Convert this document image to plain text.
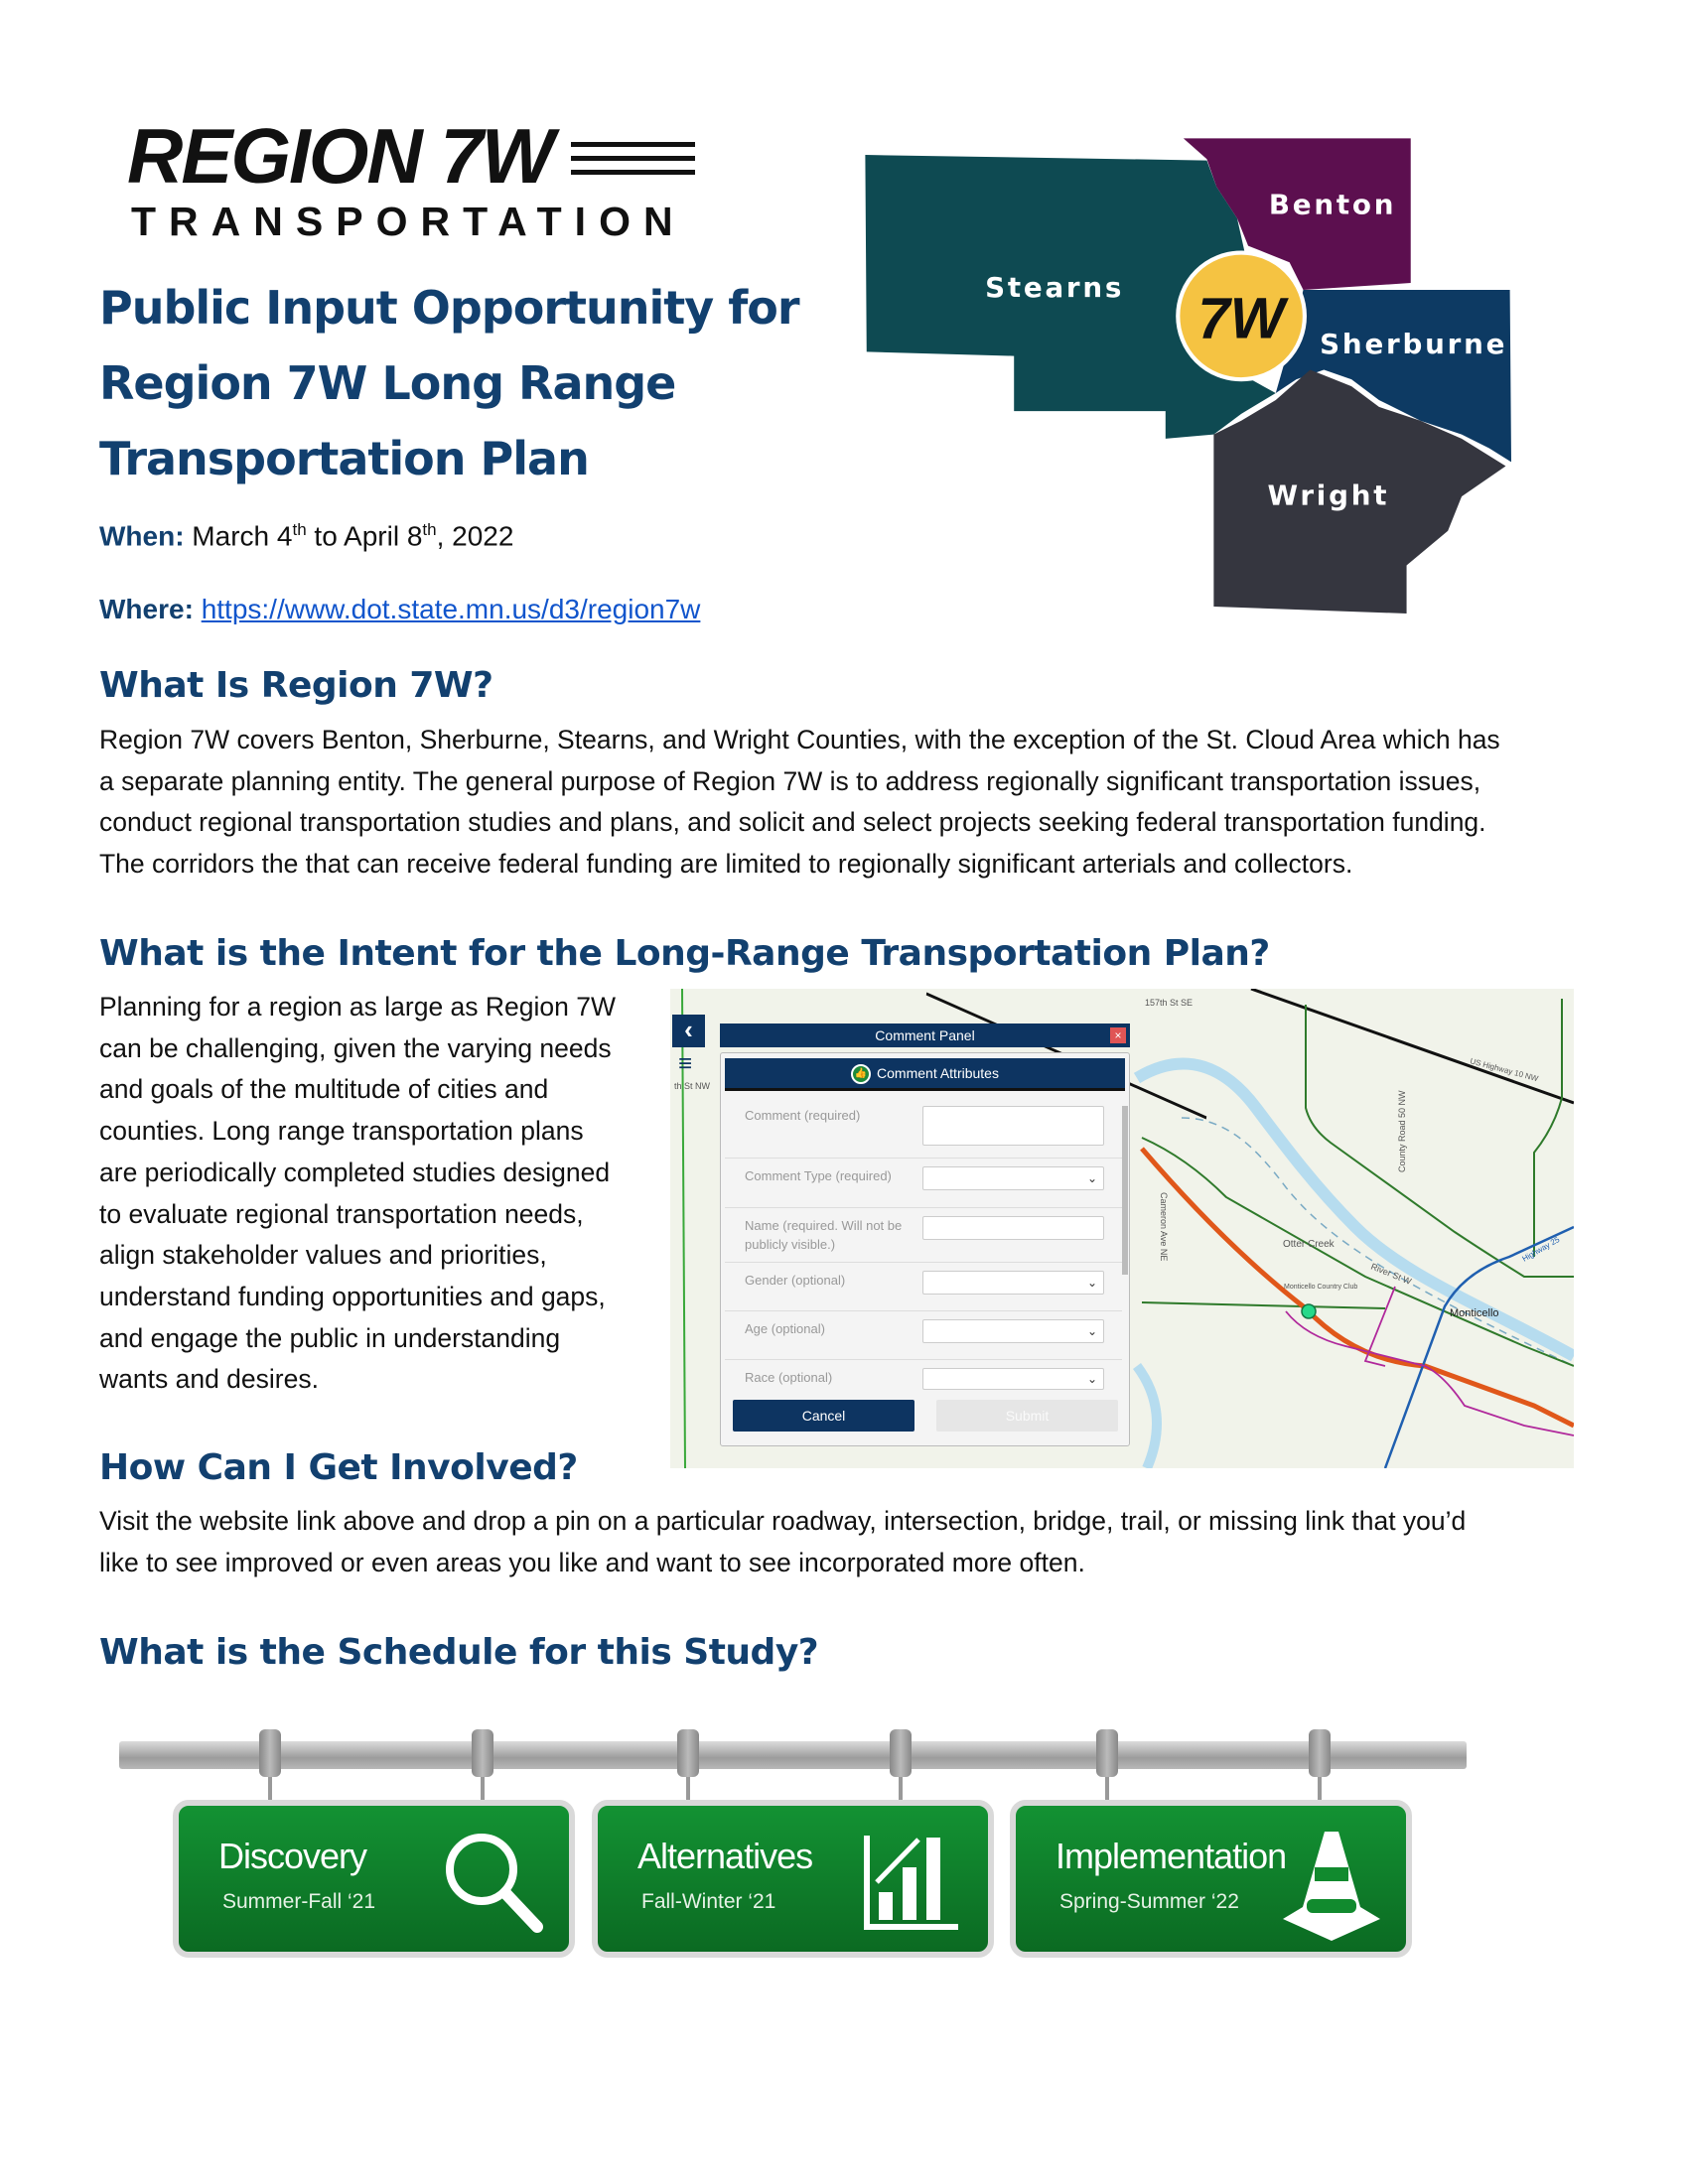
REGION 7W
TRANSPORTATION
Public Input Opportunity for
Region 7W Long Range
Transportation Plan
When: March 4th to April 8th, 2022
Where: https://www.dot.state.mn.us/d3/region7w
7W
Stearns
Benton
Sherburne
Wright
What Is Region 7W?
Region 7W covers Benton, Sherburne, Stearns, and Wright Counties, with the exception of the St. Cloud Area which has
a separate planning entity. The general purpose of Region 7W is to address regionally significant transportation issues,
conduct regional transportation studies and plans, and solicit and select projects seeking federal transportation funding.
The corridors the that can receive federal funding are limited to regionally significant arterials and collectors.
What is the Intent for the Long-Range Transportation Plan?
Planning for a region as large as Region 7W
can be challenging, given the varying needs
and goals of the multitude of cities and
counties. Long range transportation plans
are periodically completed studies designed
to evaluate regional transportation needs,
align stakeholder values and priorities,
understand funding opportunities and gaps,
and engage the public in understanding
wants and desires.
157th St SE
th St NW
Cameron Ave NE
County Road 50 NW
Otter Creek
River St W
Monticello Country Club
Monticello
US Highway 10 NW
Highway 25
‹
≡
Comment Panel	×
👍 Comment Attributes
Comment (required)
Comment Type (required)	⌄
Name (required. Will not be publicly visible.)
Gender (optional)	⌄
Age (optional)	⌄
Race (optional)	⌄
Cancel	Submit
How Can I Get Involved?
Visit the website link above and drop a pin on a particular roadway, intersection, bridge, trail, or missing link that you’d
like to see improved or even areas you like and want to see incorporated more often.
What is the Schedule for this Study?
Discovery
Summer-Fall ‘21
Alternatives
Fall-Winter ‘21
Implementation
Spring-Summer ‘22
